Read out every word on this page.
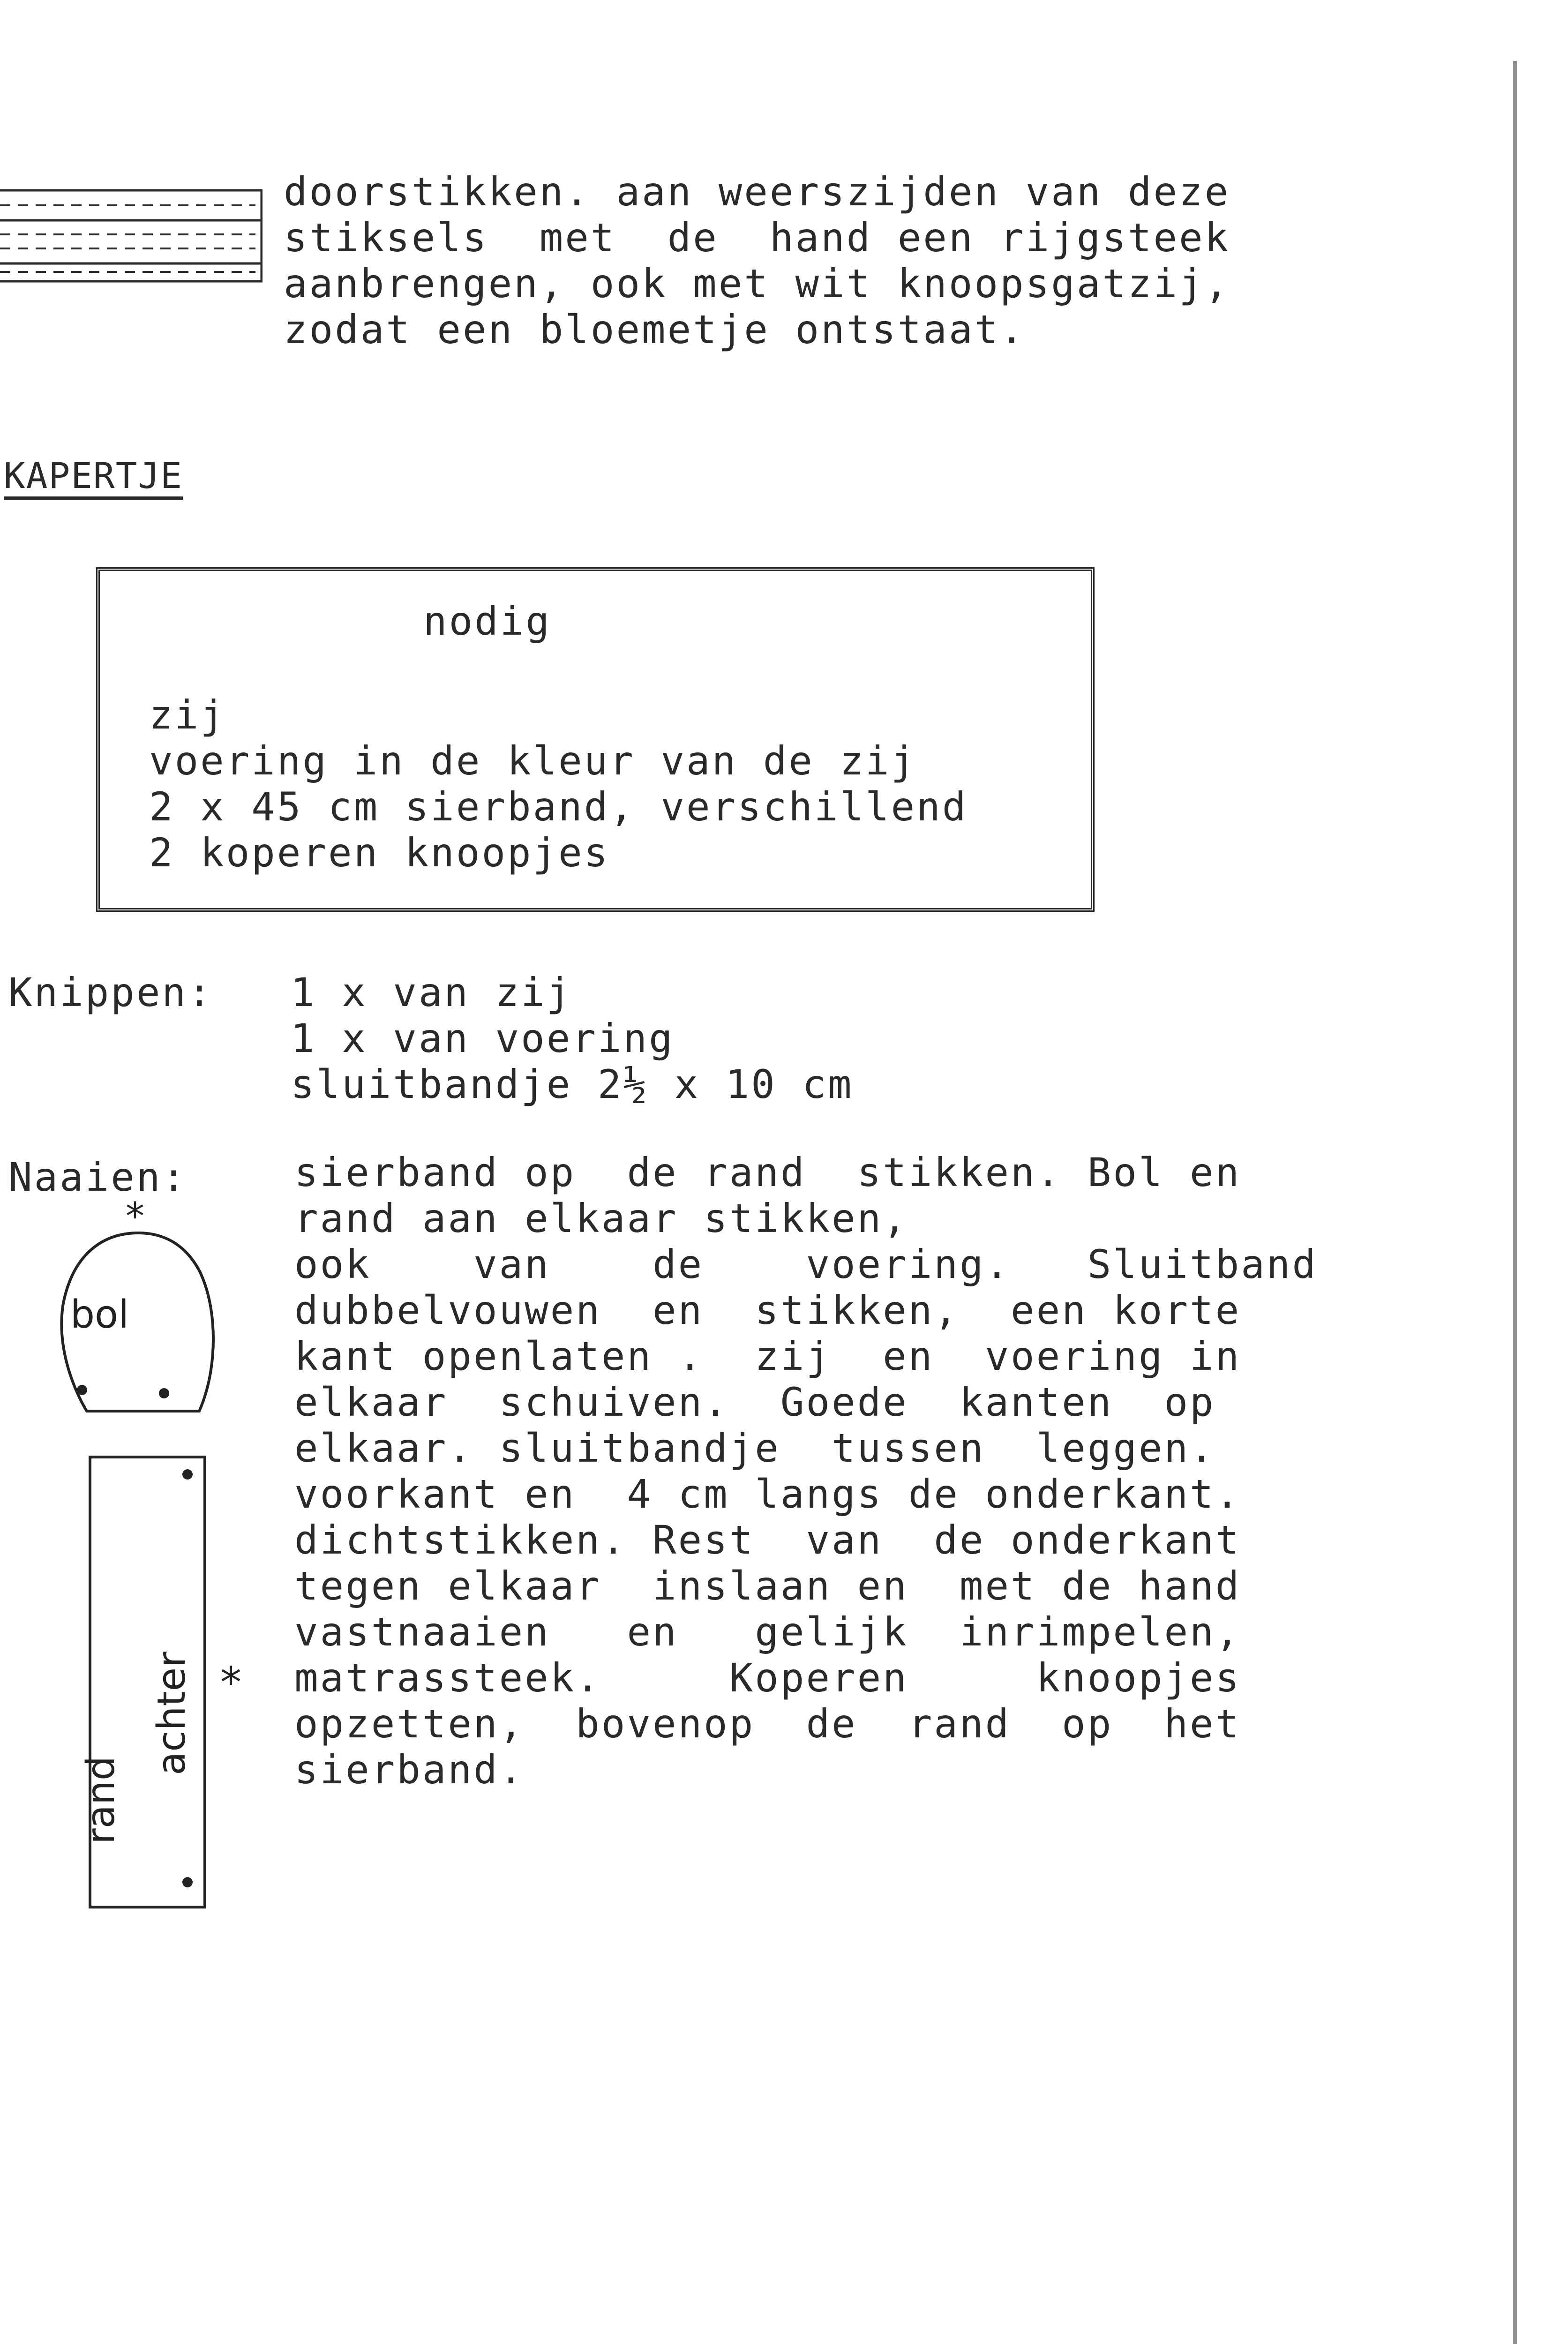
doorstikken. aan weerszijden van deze
stiksels  met  de  hand een rijgsteek
aanbrengen, ook met wit knoopsgatzij,
zodat een bloemetje ontstaat.
KAPERTJE
nodig
zij
voering in de kleur van de zij
2 x 45 cm sierband, verschillend
2 koperen knoopjes
Knippen: 1 x van zij
1 x van voering
sluitbandje 2½ x 10 cm
Naaien:	sierband op  de rand  stikken. Bol en
rand aan elkaar stikken,
ook    van    de    voering.   Sluitband
dubbelvouwen  en  stikken,  een korte
kant openlaten .  zij  en  voering in
elkaar  schuiven.  Goede  kanten  op
elkaar. sluitbandje  tussen  leggen.
voorkant en  4 cm langs de onderkant.
dichtstikken. Rest  van  de onderkant
tegen elkaar  inslaan en  met de hand
vastnaaien   en   gelijk  inrimpelen,
matrassteek.     Koperen     knoopjes
opzetten,  bovenop  de  rand  op  het
sierband.
*
bol
rand
achter *
